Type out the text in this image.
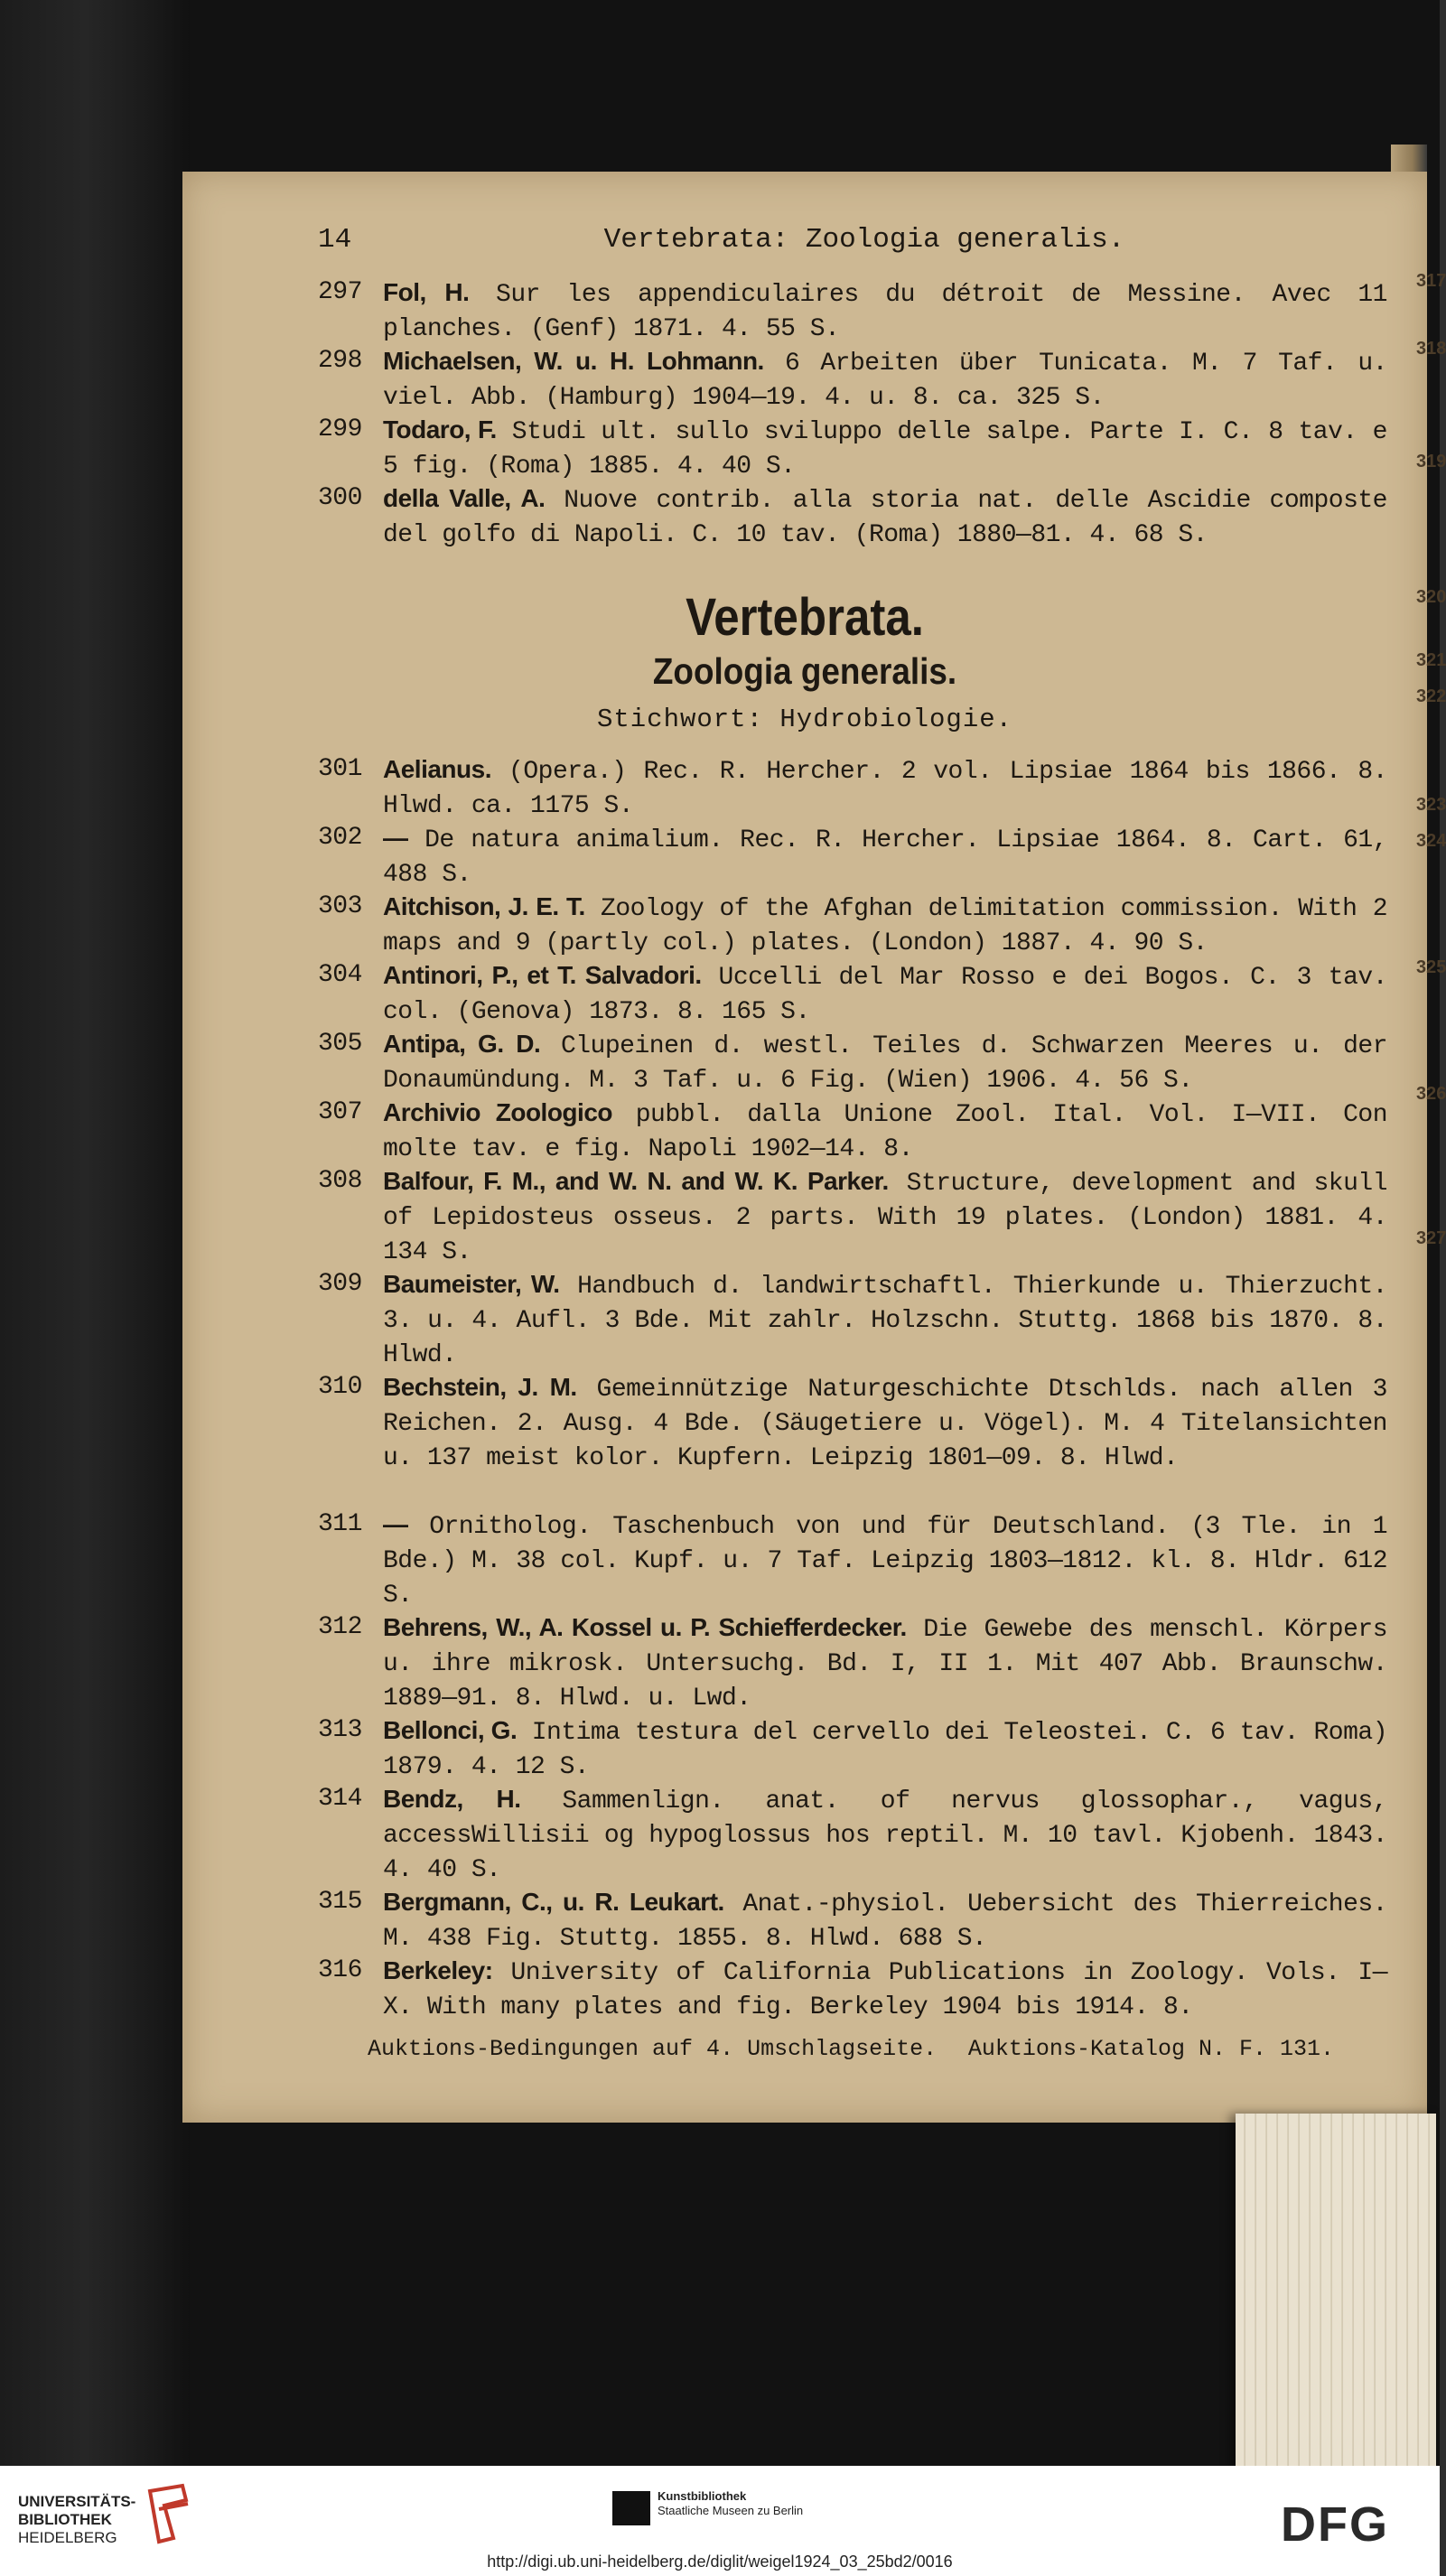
14	Vertebrata: Zoologia generalis.
Vertebrata.
Zoologia generalis.
Stichwort: Hydrobiologie.
Auktions-Bedingungen auf 4. Umschlagseite. Auktions-Katalog N. F. 131.
297 Fol, H. Sur les appendiculaires du détroit de Messine. Avec 11 planches. (Genf) 1871. 4. 55 S.
298 Michaelsen, W. u. H. Lohmann. 6 Arbeiten über Tunicata. M. 7 Taf. u. viel. Abb. (Hamburg) 1904—19. 4. u. 8. ca. 325 S.
299 Todaro, F. Studi ult. sullo sviluppo delle salpe. Parte I. C. 8 tav. e 5 fig. (Roma) 1885. 4. 40 S.
300 della Valle, A. Nuove contrib. alla storia nat. delle Ascidie composte del golfo di Napoli. C. 10 tav. (Roma) 1880—81. 4. 68 S.
301 Aelianus. (Opera.) Rec. R. Hercher. 2 vol. Lipsiae 1864 bis 1866. 8. Hlwd. ca. 1175 S.
302 — De natura animalium. Rec. R. Hercher. Lipsiae 1864. 8. Cart. 61, 488 S.
303 Aitchison, J. E. T. Zoology of the Afghan delimitation commission. With 2 maps and 9 (partly col.) plates. (London) 1887. 4. 90 S.
304 Antinori, P., et T. Salvadori. Uccelli del Mar Rosso e dei Bogos. C. 3 tav. col. (Genova) 1873. 8. 165 S.
305 Antipa, G. D. Clupeinen d. westl. Teiles d. Schwarzen Meeres u. der Donaumündung. M. 3 Taf. u. 6 Fig. (Wien) 1906. 4. 56 S.
307 Archivio Zoologico pubbl. dalla Unione Zool. Ital. Vol. I—VII. Con molte tav. e fig. Napoli 1902—14. 8.
308 Balfour, F. M., and W. N. and W. K. Parker. Structure, development and skull of Lepidosteus osseus. 2 parts. With 19 plates. (London) 1881. 4. 134 S.
309 Baumeister, W. Handbuch d. landwirtschaftl. Thierkunde u. Thierzucht. 3. u. 4. Aufl. 3 Bde. Mit zahlr. Holzschn. Stuttg. 1868 bis 1870. 8. Hlwd.
310 Bechstein, J. M. Gemeinnützige Naturgeschichte Dtschlds. nach allen 3 Reichen. 2. Ausg. 4 Bde. (Säugetiere u. Vögel). M. 4 Titelansichten u. 137 meist kolor. Kupfern. Leipzig 1801—09. 8. Hlwd.
311 — Ornitholog. Taschenbuch von und für Deutschland. (3 Tle. in 1 Bde.) M. 38 col. Kupf. u. 7 Taf. Leipzig 1803—1812. kl. 8. Hldr. 612 S.
312 Behrens, W., A. Kossel u. P. Schiefferdecker. Die Gewebe des menschl. Körpers u. ihre mikrosk. Untersuchg. Bd. I, II 1. Mit 407 Abb. Braunschw. 1889—91. 8. Hlwd. u. Lwd.
313 Bellonci, G. Intima testura del cervello dei Teleostei. C. 6 tav. Roma) 1879. 4. 12 S.
314 Bendz, H. Sammenlign. anat. of nervus glossophar., vagus, accessWillisii og hypoglossus hos reptil. M. 10 tavl. Kjobenh. 1843. 4. 40 S.
315 Bergmann, C., u. R. Leukart. Anat.-physiol. Uebersicht des Thierreiches. M. 438 Fig. Stuttg. 1855. 8. Hlwd. 688 S.
316 Berkeley: University of California Publications in Zoology. Vols. I—X. With many plates and fig. Berkeley 1904 bis 1914. 8.
317
318
319
320
321
322
323
324
325
326
327
UNIVERSITÄTS-
BIBLIOTHEK
HEIDELBERG
Kunstbibliothek
Staatliche Museen zu Berlin	DFG
http://digi.ub.uni-heidelberg.de/diglit/weigel1924_03_25bd2/0016
